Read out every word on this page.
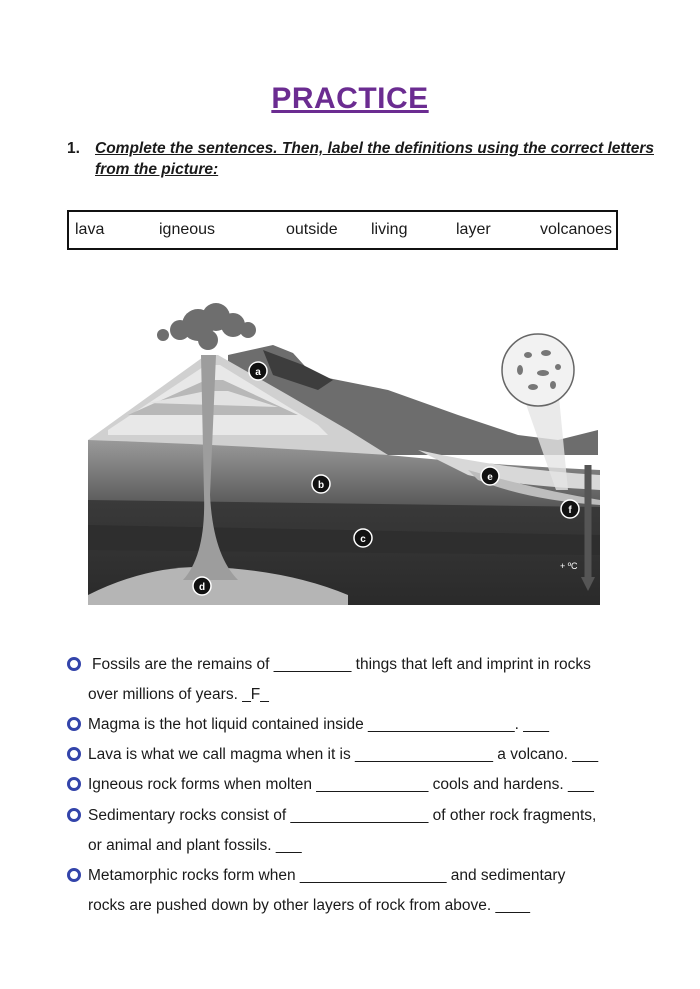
PRACTICE
1. Complete the sentences. Then, label the definitions using the correct letters from the picture:
lava	igneous	outside living	layer	volcanoes
+ ºC
a
b
c
d
e
f
Fossils are the remains of _________ things that left and imprint in rocks
over millions of years. _F_
Magma is the hot liquid contained inside _________________. ___
Lava is what we call magma when it is ________________ a volcano. ___
Igneous rock forms when molten _____________ cools and hardens. ___
Sedimentary rocks consist of ________________ of other rock fragments,
or animal and plant fossils. ___
Metamorphic rocks form when _________________ and sedimentary
rocks are pushed down by other layers of rock from above. ____
